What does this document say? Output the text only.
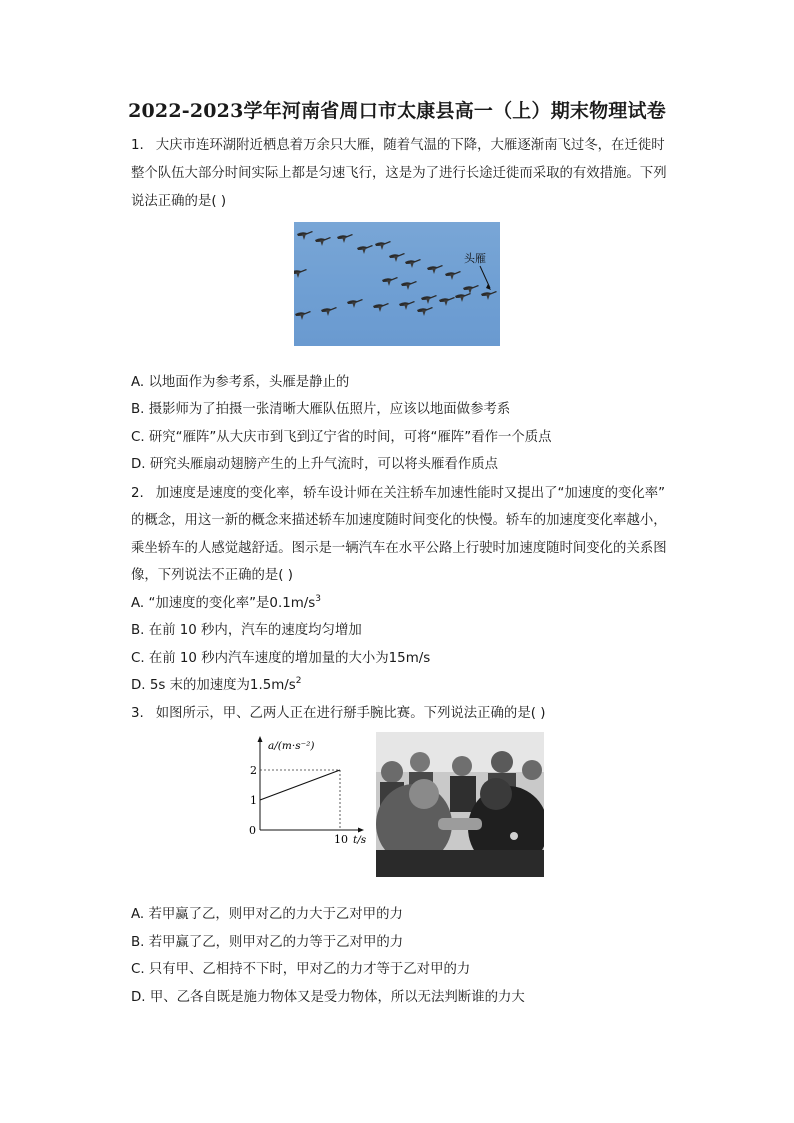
2022-2023学年河南省周口市太康县高一（上）期末物理试卷
1. 大庆市连环湖附近栖息着万余只大雁，随着气温的下降，大雁逐渐南飞过冬，在迁徙时
整个队伍大部分时间实际上都是匀速飞行，这是为了进行长途迁徙而采取的有效措施。下列
说法正确的是( )
头雁
A. 以地面作为参考系，头雁是静止的
B. 摄影师为了拍摄一张清晰大雁队伍照片，应该以地面做参考系
C. 研究“雁阵”从大庆市到飞到辽宁省的时间，可将“雁阵”看作一个质点
D. 研究头雁扇动翅膀产生的上升气流时，可以将头雁看作质点
2. 加速度是速度的变化率，轿车设计师在关注轿车加速性能时又提出了“加速度的变化率”
的概念，用这一新的概念来描述轿车加速度随时间变化的快慢。轿车的加速度变化率越小，
乘坐轿车的人感觉越舒适。图示是一辆汽车在水平公路上行驶时加速度随时间变化的关系图
像，下列说法不正确的是( )
A. “加速度的变化率”是$0.1m/s^3$
B. 在前 10 秒内，汽车的速度均匀增加
C. 在前 10 秒内汽车速度的增加量的大小为15m/s
D. 5s 末的加速度为$1.5m/s^2$
3. 如图所示，甲、乙两人正在进行掰手腕比赛。下列说法正确的是( )
0
1
2
10
a/(m·s⁻²)
t/s
A. 若甲赢了乙，则甲对乙的力大于乙对甲的力
B. 若甲赢了乙，则甲对乙的力等于乙对甲的力
C. 只有甲、乙相持不下时，甲对乙的力才等于乙对甲的力
D. 甲、乙各自既是施力物体又是受力物体，所以无法判断谁的力大
